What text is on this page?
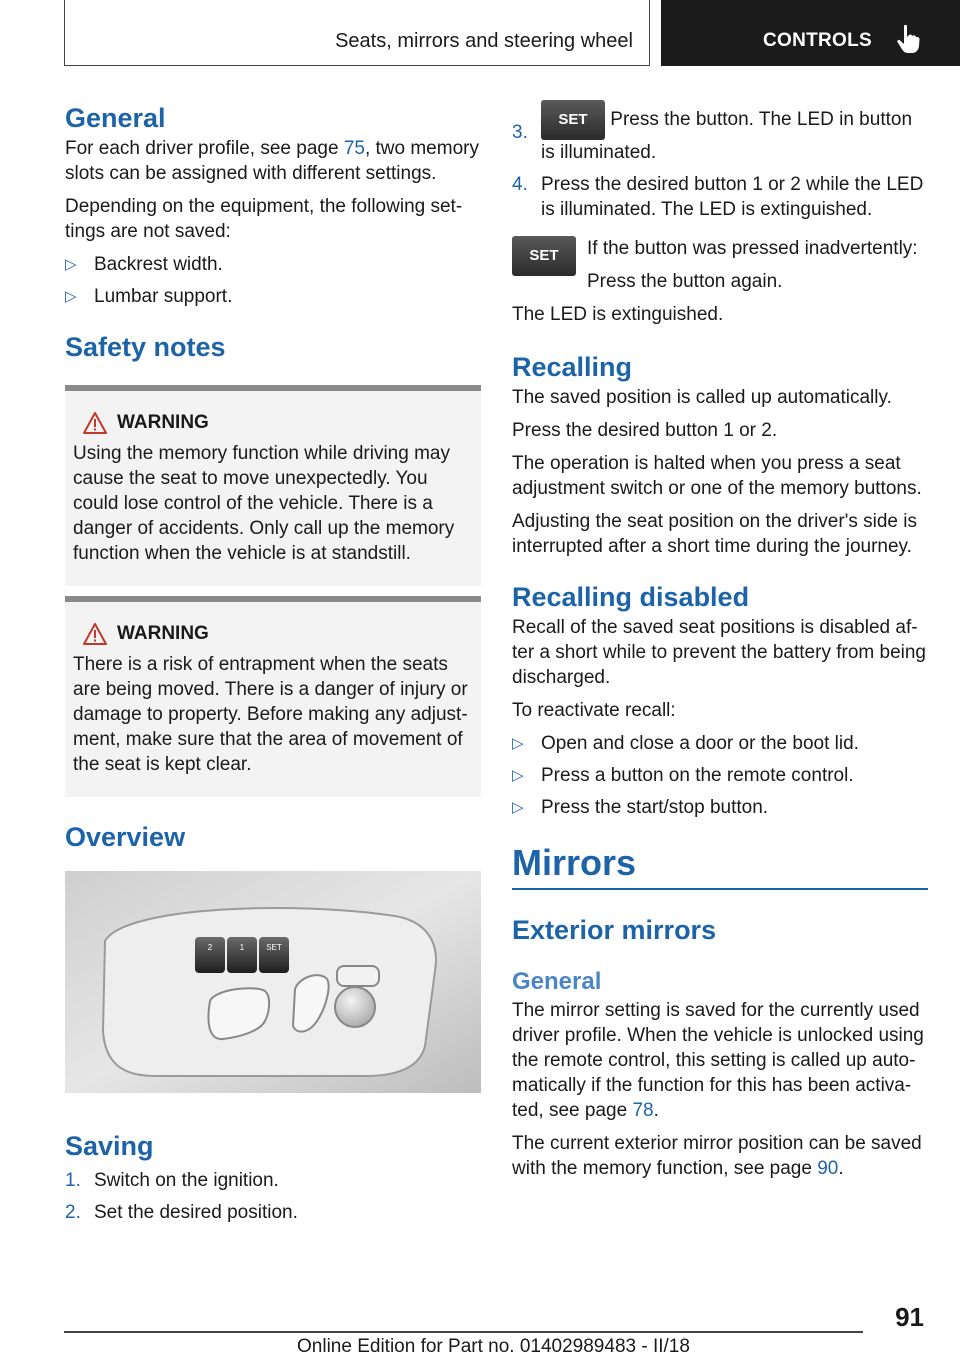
Seats, mirrors and steering wheel	CONTROLS
General

For each driver profile, see page 75, two memory slots can be assigned with different settings.

Depending on the equipment, the following settings are not saved:

▷ Backrest width.
▷ Lumbar support.
Safety notes
WARNING

Using the memory function while driving may cause the seat to move unexpectedly. You could lose control of the vehicle. There is a danger of accidents. Only call up the memory function when the vehicle is at standstill.

WARNING

There is a risk of entrapment when the seats are being moved. There is a danger of injury or damage to property. Before making any adjustment, make sure that the area of movement of the seat is kept clear.

Overview
2	1	SET
Saving
1. Switch on the ignition.
2. Set the desired position.
3.
SET Press the button. The LED in button is illuminated.
4. Press the desired button 1 or 2 while the LED is illuminated. The LED is extinguished.
SET	If the button was pressed inadvertently:

Press the button again.

The LED is extinguished.

Recalling

The saved position is called up automatically.

Press the desired button 1 or 2.

The operation is halted when you press a seat adjustment switch or one of the memory buttons.

Adjusting the seat position on the driver's side is interrupted after a short time during the journey.

Recalling disabled

Recall of the saved seat positions is disabled after a short while to prevent the battery from being discharged.

To reactivate recall:

▷ Open and close a door or the boot lid.
▷ Press a button on the remote control.
▷ Press the start/stop button.
Mirrors
Exterior mirrors
General

The mirror setting is saved for the currently used driver profile. When the vehicle is unlocked using the remote control, this setting is called up automatically if the function for this has been activated, see page 78.

The current exterior mirror position can be saved with the memory function, see page 90.

91
Online Edition for Part no. 01402989483 - II/18
